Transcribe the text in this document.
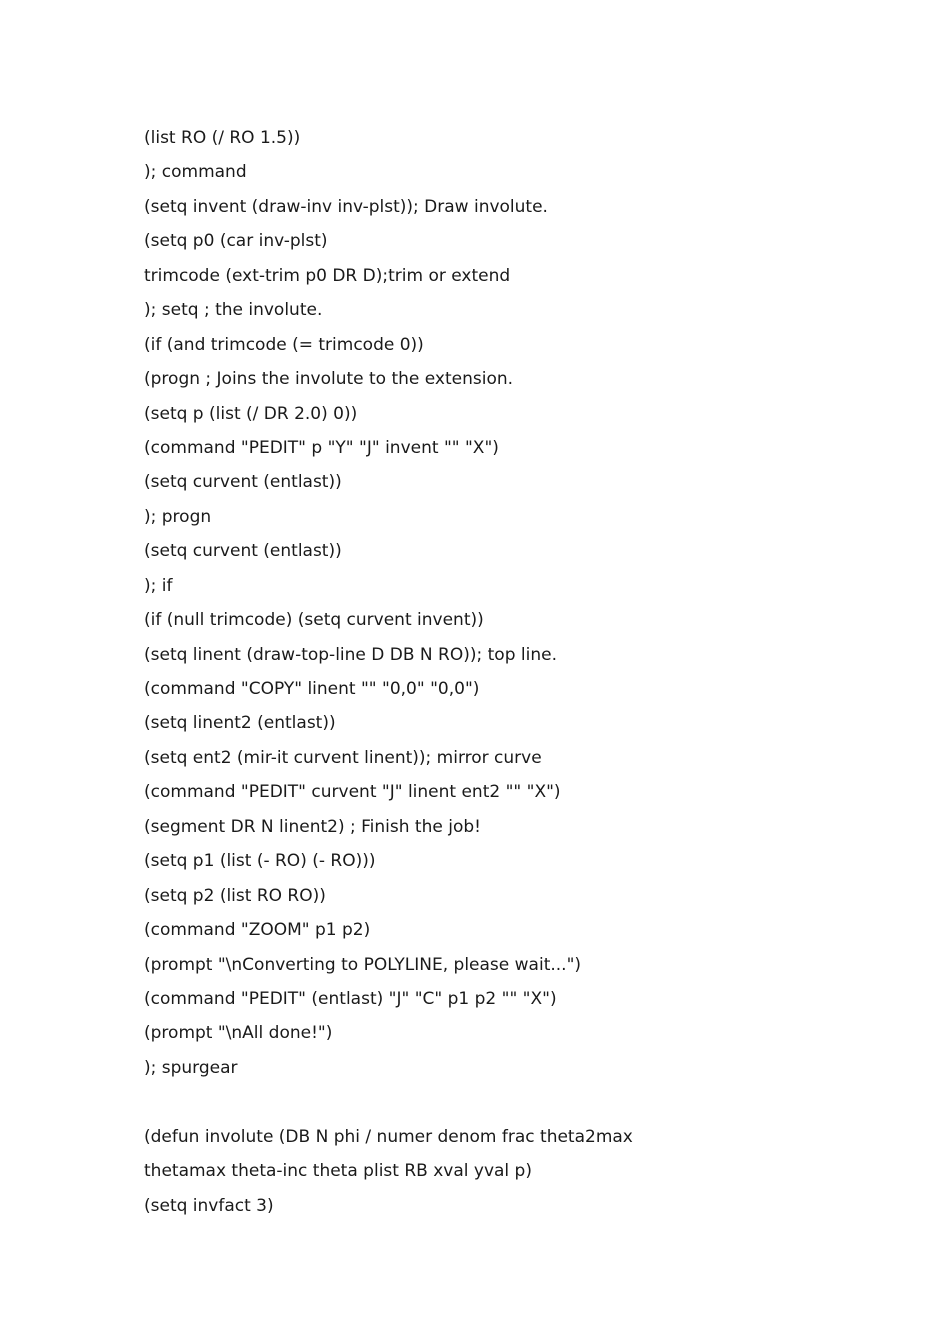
(list RO (/ RO 1.5))
); command
(setq invent (draw-inv inv-plst)); Draw involute.
(setq p0 (car inv-plst)
trimcode (ext-trim p0 DR D);trim or extend
); setq ; the involute.
(if (and trimcode (= trimcode 0))
(progn ; Joins the involute to the extension.
(setq p (list (/ DR 2.0) 0))
(command "PEDIT" p "Y" "J" invent "" "X")
(setq curvent (entlast))
); progn
(setq curvent (entlast))
); if
(if (null trimcode) (setq curvent invent))
(setq linent (draw-top-line D DB N RO)); top line.
(command "COPY" linent "" "0,0" "0,0")
(setq linent2 (entlast))
(setq ent2 (mir-it curvent linent)); mirror curve
(command "PEDIT" curvent "J" linent ent2 "" "X")
(segment DR N linent2) ; Finish the job!
(setq p1 (list (- RO) (- RO)))
(setq p2 (list RO RO))
(command "ZOOM" p1 p2)
(prompt "\nConverting to POLYLINE, please wait...")
(command "PEDIT" (entlast) "J" "C" p1 p2 "" "X")
(prompt "\nAll done!")
); spurgear
(defun involute (DB N phi / numer denom frac theta2max
thetamax theta-inc theta plist RB xval yval p)
(setq invfact 3)
